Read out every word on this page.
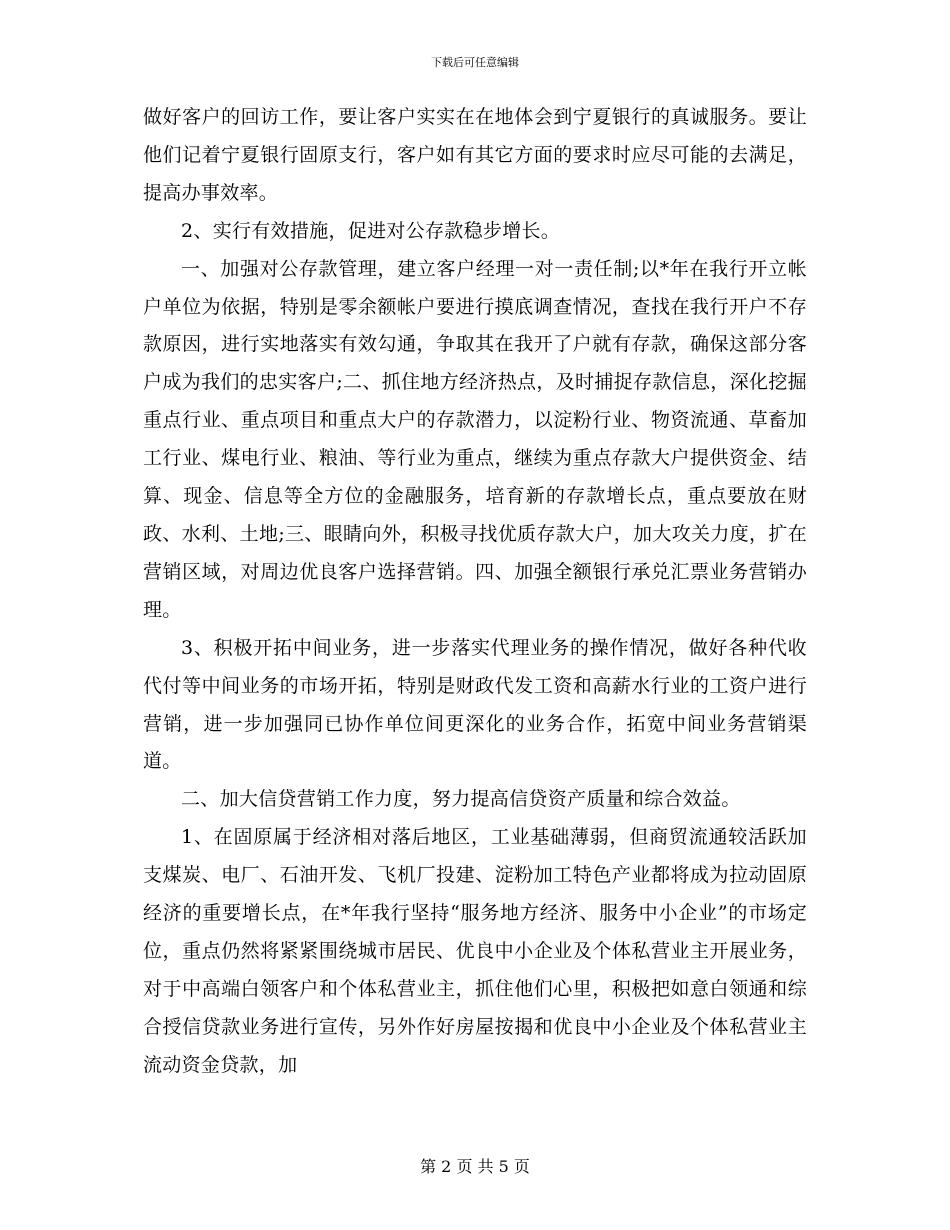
下载后可任意编辑

做好客户的回访工作，要让客户实实在在地体会到宁夏银行的真诚服务。要让他们记着宁夏银行固原支行，客户如有其它方面的要求时应尽可能的去满足，提高办事效率。

2、实行有效措施，促进对公存款稳步增长。

一、加强对公存款管理，建立客户经理一对一责任制;以*年在我行开立帐户单位为依据，特别是零余额帐户要进行摸底调查情况，查找在我行开户不存款原因，进行实地落实有效勾通，争取其在我开了户就有存款，确保这部分客户成为我们的忠实客户;二、抓住地方经济热点，及时捕捉存款信息，深化挖掘重点行业、重点项目和重点大户的存款潜力，以淀粉行业、物资流通、草畜加工行业、煤电行业、粮油、等行业为重点，继续为重点存款大户提供资金、结算、现金、信息等全方位的金融服务，培育新的存款增长点，重点要放在财政、水利、土地;三、眼睛向外，积极寻找优质存款大户，加大攻关力度，扩在营销区域，对周边优良客户选择营销。四、加强全额银行承兑汇票业务营销办理。

3、积极开拓中间业务，进一步落实代理业务的操作情况，做好各种代收代付等中间业务的市场开拓，特别是财政代发工资和高薪水行业的工资户进行营销，进一步加强同已协作单位间更深化的业务合作，拓宽中间业务营销渠道。

二、加大信贷营销工作力度，努力提高信贷资产质量和综合效益。

1、在固原属于经济相对落后地区，工业基础薄弱，但商贸流通较活跃加支煤炭、电厂、石油开发、飞机厂投建、淀粉加工特色产业都将成为拉动固原经济的重要增长点，在*年我行坚持“服务地方经济、服务中小企业”的市场定位，重点仍然将紧紧围绕城市居民、优良中小企业及个体私营业主开展业务，对于中高端白领客户和个体私营业主，抓住他们心里，积极把如意白领通和综合授信贷款业务进行宣传，另外作好房屋按揭和优良中小企业及个体私营业主流动资金贷款，加

第 2 页 共 5 页
